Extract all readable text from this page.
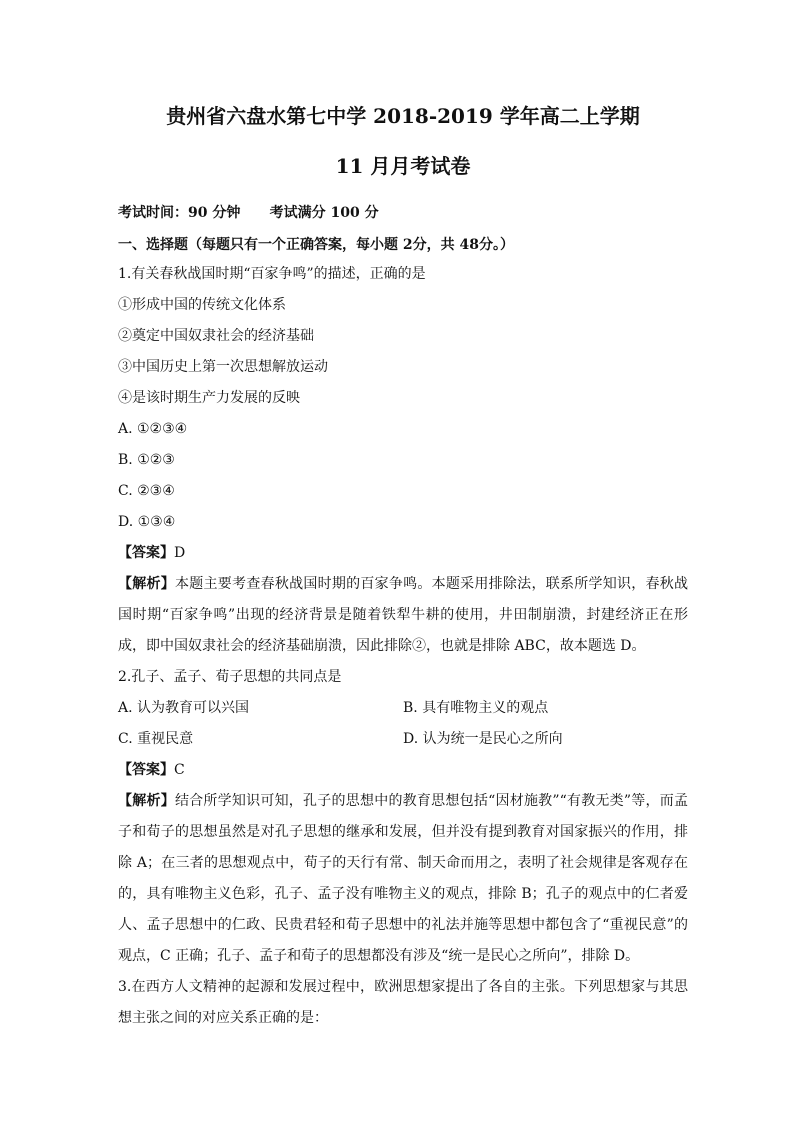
贵州省六盘水第七中学 2018-2019 学年高二上学期
11 月月考试卷
考试时间：90 分钟      考试满分 100 分
一、选择题（每题只有一个正确答案，每小题 2分，共 48分。）
1.有关春秋战国时期“百家争鸣”的描述，正确的是
①形成中国的传统文化体系
②奠定中国奴隶社会的经济基础
③中国历史上第一次思想解放运动
④是该时期生产力发展的反映
A. ①②③④
B. ①②③
C. ②③④
D. ①③④
【答案】D
【解析】本题主要考查春秋战国时期的百家争鸣。本题采用排除法，联系所学知识，春秋战国时期“百家争鸣”出现的经济背景是随着铁犁牛耕的使用，井田制崩溃，封建经济正在形成，即中国奴隶社会的经济基础崩溃，因此排除②，也就是排除 ABC，故本题选 D。
2.孔子、孟子、荀子思想的共同点是
A. 认为教育可以兴国	B. 具有唯物主义的观点
C. 重视民意	D. 认为统一是民心之所向
【答案】C
【解析】结合所学知识可知，孔子的思想中的教育思想包括“因材施教”“有教无类”等，而孟子和荀子的思想虽然是对孔子思想的继承和发展，但并没有提到教育对国家振兴的作用，排除 A；在三者的思想观点中，荀子的天行有常、制天命而用之，表明了社会规律是客观存在的，具有唯物主义色彩，孔子、孟子没有唯物主义的观点，排除 B；孔子的观点中的仁者爱人、孟子思想中的仁政、民贵君轻和荀子思想中的礼法并施等思想中都包含了“重视民意”的观点，C 正确；孔子、孟子和荀子的思想都没有涉及“统一是民心之所向”，排除 D。
3.在西方人文精神的起源和发展过程中，欧洲思想家提出了各自的主张。下列思想家与其思想主张之间的对应关系正确的是：
